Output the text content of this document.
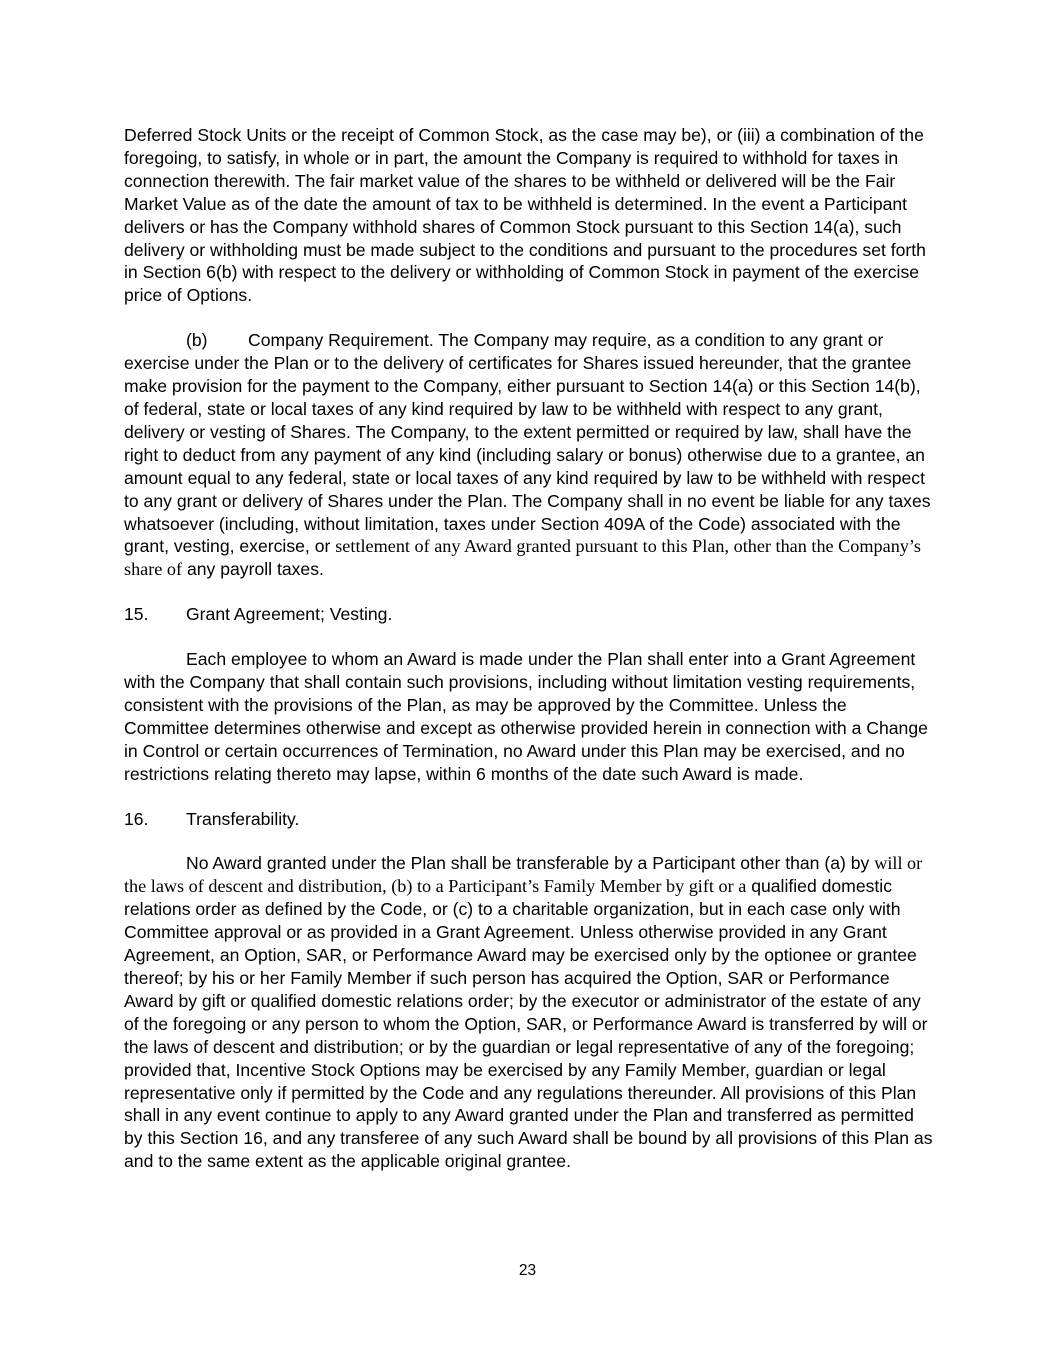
Deferred Stock Units or the receipt of Common Stock, as the case may be), or (iii) a combination of the foregoing, to satisfy, in whole or in part, the amount the Company is required to withhold for taxes in connection therewith. The fair market value of the shares to be withheld or delivered will be the Fair Market Value as of the date the amount of tax to be withheld is determined. In the event a Participant delivers or has the Company withhold shares of Common Stock pursuant to this Section 14(a), such delivery or withholding must be made subject to the conditions and pursuant to the procedures set forth in Section 6(b) with respect to the delivery or withholding of Common Stock in payment of the exercise price of Options.

(b) Company Requirement. The Company may require, as a condition to any grant or exercise under the Plan or to the delivery of certificates for Shares issued hereunder, that the grantee make provision for the payment to the Company, either pursuant to Section 14(a) or this Section 14(b), of federal, state or local taxes of any kind required by law to be withheld with respect to any grant, delivery or vesting of Shares. The Company, to the extent permitted or required by law, shall have the right to deduct from any payment of any kind (including salary or bonus) otherwise due to a grantee, an amount equal to any federal, state or local taxes of any kind required by law to be withheld with respect to any grant or delivery of Shares under the Plan. The Company shall in no event be liable for any taxes whatsoever (including, without limitation, taxes under Section 409A of the Code) associated with the grant, vesting, exercise, or settlement of any Award granted pursuant to this Plan, other than the Company’s share of any payroll taxes.

15. Grant Agreement; Vesting.

Each employee to whom an Award is made under the Plan shall enter into a Grant Agreement with the Company that shall contain such provisions, including without limitation vesting requirements, consistent with the provisions of the Plan, as may be approved by the Committee. Unless the Committee determines otherwise and except as otherwise provided herein in connection with a Change in Control or certain occurrences of Termination, no Award under this Plan may be exercised, and no restrictions relating thereto may lapse, within 6 months of the date such Award is made.

16. Transferability.

No Award granted under the Plan shall be transferable by a Participant other than (a) by will or the laws of descent and distribution, (b) to a Participant’s Family Member by gift or a qualified domestic relations order as defined by the Code, or (c) to a charitable organization, but in each case only with Committee approval or as provided in a Grant Agreement. Unless otherwise provided in any Grant Agreement, an Option, SAR, or Performance Award may be exercised only by the optionee or grantee thereof; by his or her Family Member if such person has acquired the Option, SAR or Performance Award by gift or qualified domestic relations order; by the executor or administrator of the estate of any of the foregoing or any person to whom the Option, SAR, or Performance Award is transferred by will or the laws of descent and distribution; or by the guardian or legal representative of any of the foregoing; provided that, Incentive Stock Options may be exercised by any Family Member, guardian or legal representative only if permitted by the Code and any regulations thereunder. All provisions of this Plan shall in any event continue to apply to any Award granted under the Plan and transferred as permitted by this Section 16, and any transferee of any such Award shall be bound by all provisions of this Plan as and to the same extent as the applicable original grantee.

23
